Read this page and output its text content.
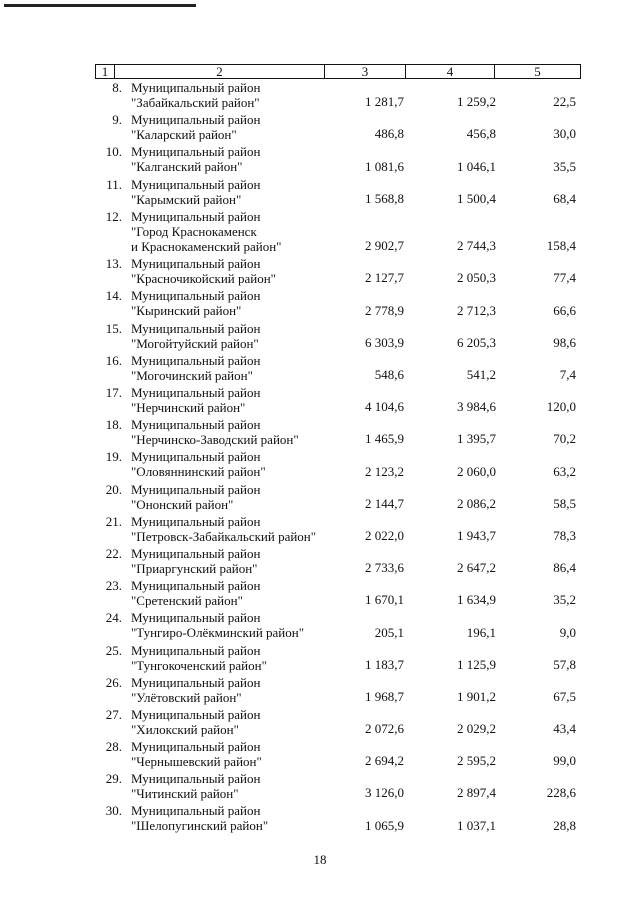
1	2	3	4	5
8. Муниципальный район
"Забайкальский район"	1 281,7	1 259,2	22,5
9. Муниципальный район
"Каларский район"	486,8	456,8	30,0
10. Муниципальный район
"Калганский район"	1 081,6	1 046,1	35,5
11. Муниципальный район
"Карымский район"	1 568,8	1 500,4	68,4
12. Муниципальный район
"Город Краснокаменск
и Краснокаменский район"	2 902,7	2 744,3	158,4
13. Муниципальный район
"Красночикойский район"	2 127,7	2 050,3	77,4
14. Муниципальный район
"Кыринский район"	2 778,9	2 712,3	66,6
15. Муниципальный район
"Могойтуйский район"	6 303,9	6 205,3	98,6
16. Муниципальный район
"Могочинский район"	548,6	541,2	7,4
17. Муниципальный район
"Нерчинский район"	4 104,6	3 984,6	120,0
18. Муниципальный район
"Нерчинско-Заводский район"	1 465,9	1 395,7	70,2
19. Муниципальный район
"Оловяннинский район"	2 123,2	2 060,0	63,2
20. Муниципальный район
"Ононский район"	2 144,7	2 086,2	58,5
21. Муниципальный район
"Петровск-Забайкальский район"	2 022,0	1 943,7	78,3
22. Муниципальный район
"Приаргунский район"	2 733,6	2 647,2	86,4
23. Муниципальный район
"Сретенский район"	1 670,1	1 634,9	35,2
24. Муниципальный район
"Тунгиро-Олёкминский район"	205,1	196,1	9,0
25. Муниципальный район
"Тунгокоченский район"	1 183,7	1 125,9	57,8
26. Муниципальный район
"Улётовский район"	1 968,7	1 901,2	67,5
27. Муниципальный район
"Хилокский район"	2 072,6	2 029,2	43,4
28. Муниципальный район
"Чернышевский район"	2 694,2	2 595,2	99,0
29. Муниципальный район
"Читинский район"	3 126,0	2 897,4	228,6
30. Муниципальный район
"Шелопугинский район"	1 065,9	1 037,1	28,8
18
